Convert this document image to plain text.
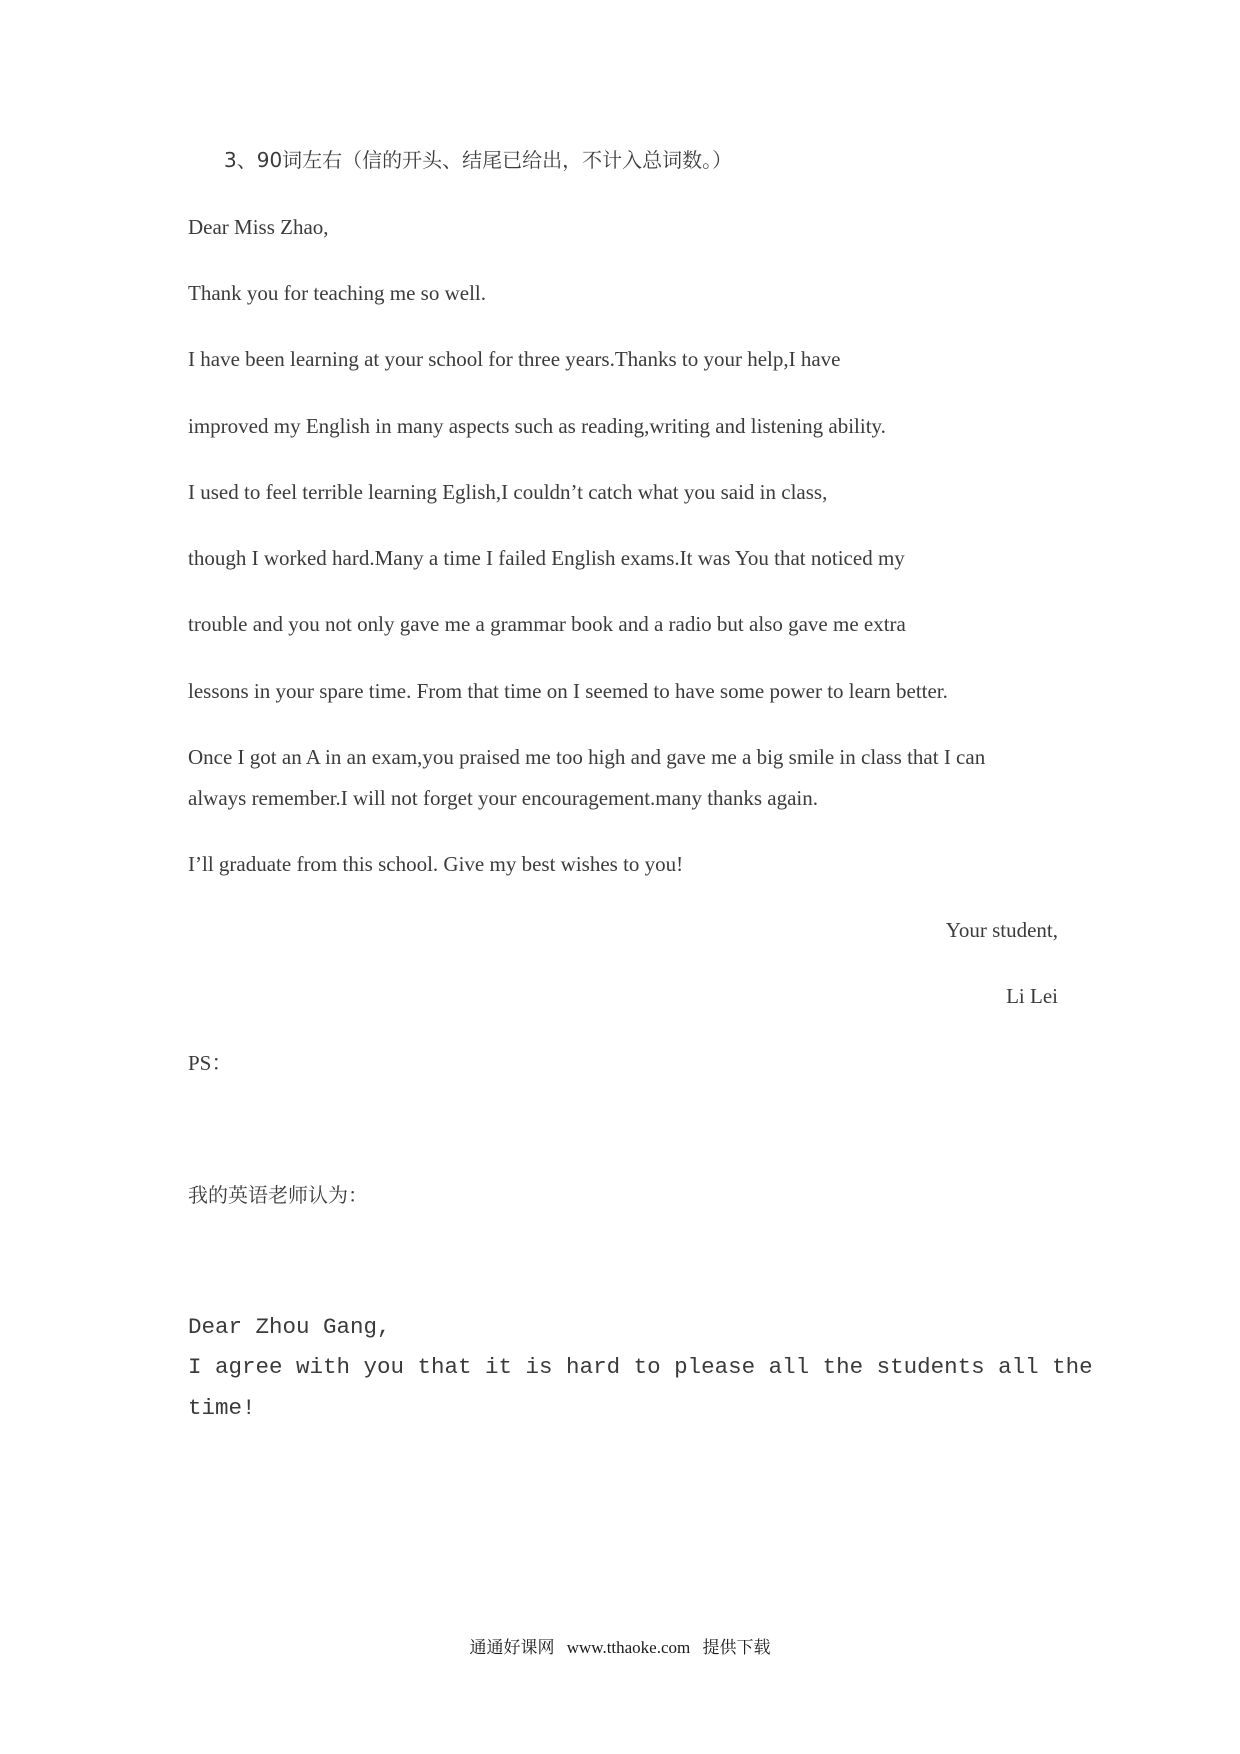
3、90词左右（信的开头、结尾已给出，不计入总词数。）
Dear Miss Zhao,
Thank you for teaching me so well.
I have been learning at your school for three years.Thanks to your help,I have
improved my English in many aspects such as reading,writing and listening ability.
I used to feel terrible learning Eglish,I couldn’t catch what you said in class,
though I worked hard.Many a time I failed English exams.It was You that noticed my
trouble and you not only gave me a grammar book and a radio but also gave me extra
lessons in your spare time. From that time on I seemed to have some power to learn better.
Once I got an A in an exam,you praised me too high and gave me a big smile in class that I can
always remember.I will not forget your encouragement.many thanks again.
I’ll graduate from this school. Give my best wishes to you!
Your student,
Li Lei
PS：
我的英语老师认为：
Dear Zhou Gang,
I agree with you that it is hard to please all the students all the
time!
通通好课网 www.tthaoke.com 提供下载
